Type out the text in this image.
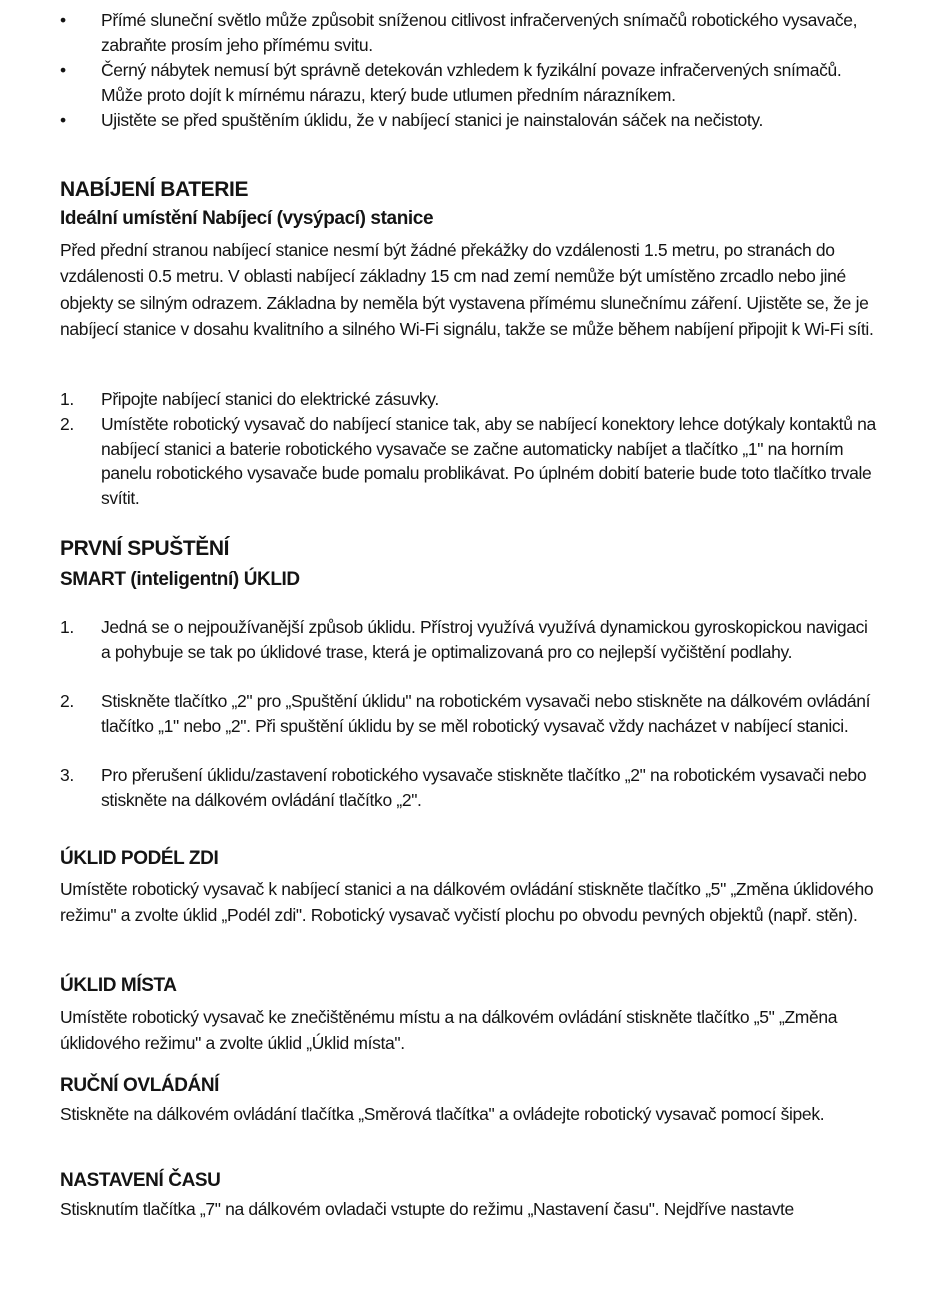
•	Přímé sluneční světlo může způsobit sníženou citlivost infračervených snímačů robotického vysavače, zabraňte prosím jeho přímému svitu.
•	Černý nábytek nemusí být správně detekován vzhledem k fyzikální povaze infračervených snímačů. Může proto dojít k mírnému nárazu, který bude utlumen předním nárazníkem.
•	Ujistěte se před spuštěním úklidu, že v nabíjecí stanici je nainstalován sáček na nečistoty.
NABÍJENÍ BATERIE
Ideální umístění Nabíjecí (vysýpací) stanice
Před přední stranou nabíjecí stanice nesmí být žádné překážky do vzdálenosti 1.5 metru, po stranách do vzdálenosti 0.5 metru. V oblasti nabíjecí základny 15 cm nad zemí nemůže být umístěno zrcadlo nebo jiné objekty se silným odrazem. Základna by neměla být vystavena přímému slunečnímu záření. Ujistěte se, že je nabíjecí stanice v dosahu kvalitního a silného Wi-Fi signálu, takže se může během nabíjení připojit k Wi-Fi síti.
1.	Připojte nabíjecí stanici do elektrické zásuvky.
2.	Umístěte robotický vysavač do nabíjecí stanice tak, aby se nabíjecí konektory lehce dotýkaly kontaktů na nabíjecí stanici a baterie robotického vysavače se začne automaticky nabíjet a tlačítko „1" na horním panelu robotického vysavače bude pomalu problikávat. Po úplném dobití baterie bude toto tlačítko trvale svítit.
PRVNÍ SPUŠTĚNÍ
SMART (inteligentní) ÚKLID
1.	Jedná se o nejpoužívanější způsob úklidu. Přístroj využívá využívá dynamickou gyroskopickou navigaci a pohybuje se tak po úklidové trase, která je optimalizovaná pro co nejlepší vyčištění podlahy.
2.	Stiskněte tlačítko „2" pro „Spuštění úklidu" na robotickém vysavači nebo stiskněte na dálkovém ovládání tlačítko „1" nebo „2". Při spuštění úklidu by se měl robotický vysavač vždy nacházet v nabíjecí stanici.
3.	Pro přerušení úklidu/zastavení robotického vysavače stiskněte tlačítko „2" na robotickém vysavači nebo stiskněte na dálkovém ovládání tlačítko „2".
ÚKLID PODÉL ZDI
Umístěte robotický vysavač k nabíjecí stanici a na dálkovém ovládání stiskněte tlačítko „5" „Změna úklidového režimu" a zvolte úklid „Podél zdi". Robotický vysavač vyčistí plochu po obvodu pevných objektů (např. stěn).
ÚKLID MÍSTA
Umístěte robotický vysavač ke znečištěnému místu a na dálkovém ovládání stiskněte tlačítko „5" „Změna úklidového režimu" a zvolte úklid „Úklid místa".
RUČNÍ OVLÁDÁNÍ
Stiskněte na dálkovém ovládání tlačítka „Směrová tlačítka" a ovládejte robotický vysavač pomocí šipek.
NASTAVENÍ ČASU
Stisknutím tlačítka „7" na dálkovém ovladači vstupte do režimu „Nastavení času". Nejdříve nastavte
